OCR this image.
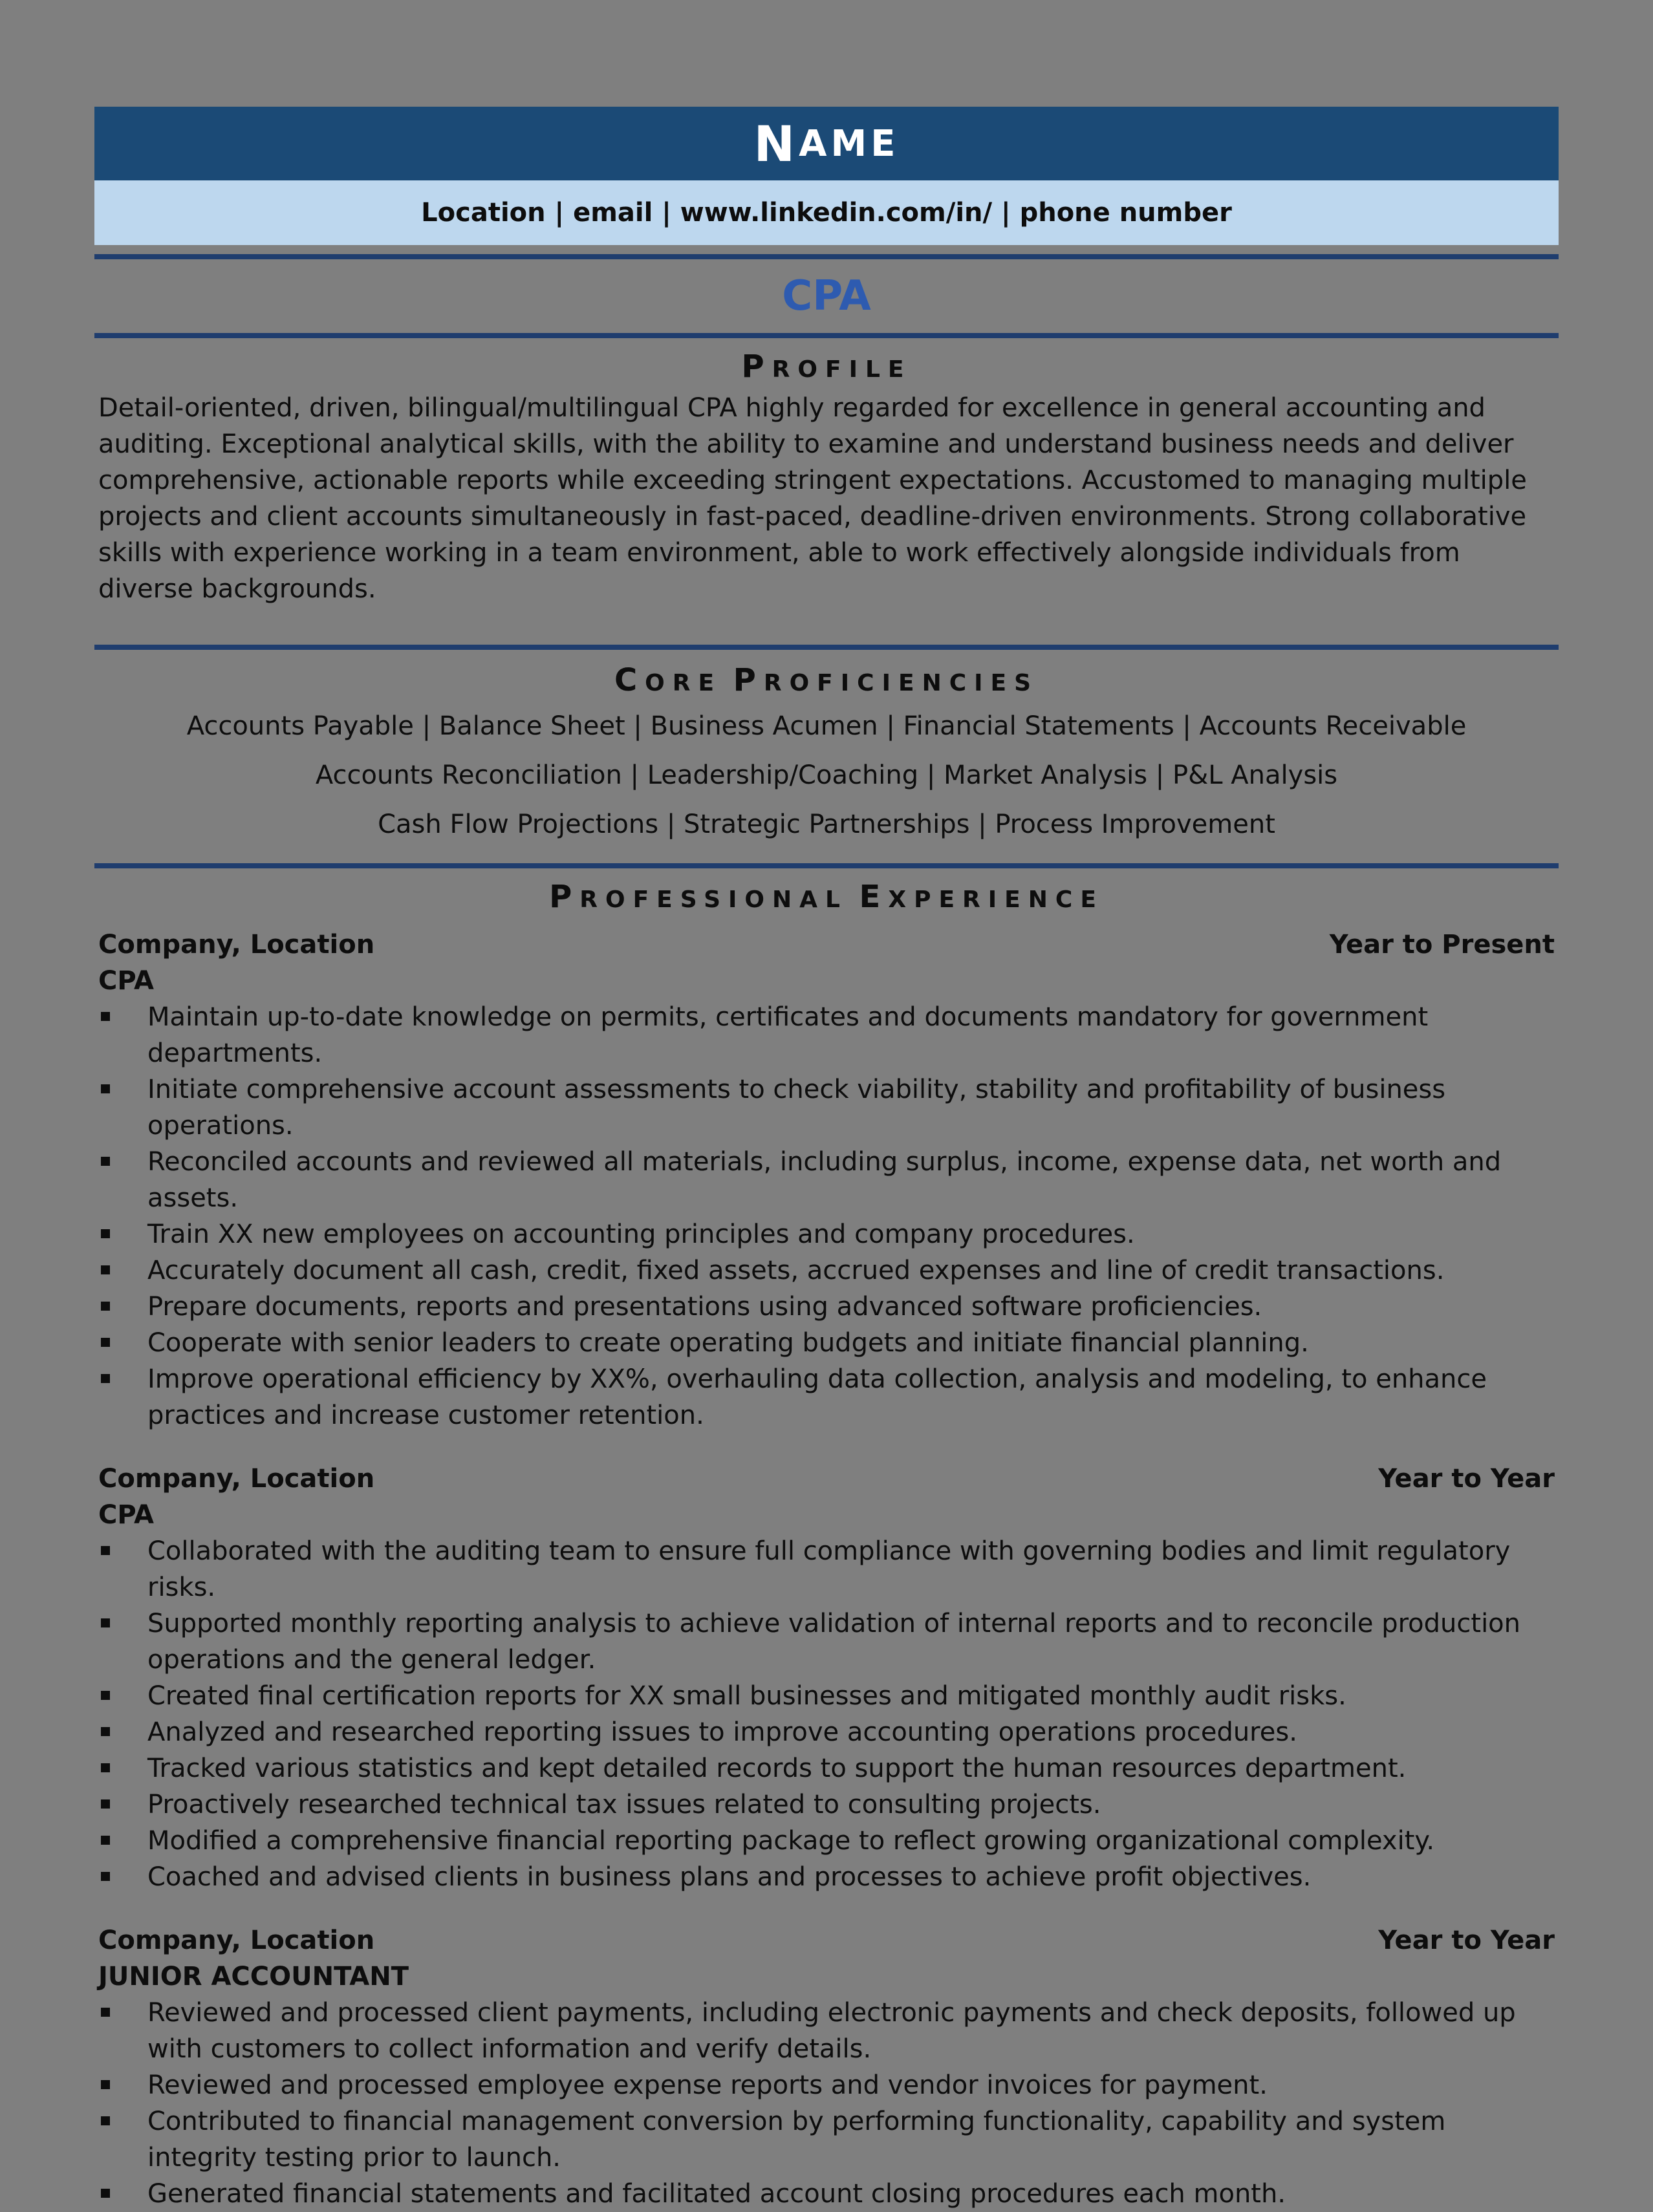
N AME
Location | email | www.linkedin.com/in/ | phone number
CPA
PROFILE
Detail-oriented, driven, bilingual/multilingual CPA highly regarded for excellence in general accounting and auditing. Exceptional analytical skills, with the ability to examine and understand business needs and deliver comprehensive, actionable reports while exceeding stringent expectations. Accustomed to managing multiple projects and client accounts simultaneously in fast-paced, deadline-driven environments. Strong collaborative skills with experience working in a team environment, able to work effectively alongside individuals from diverse backgrounds.
CORE PROFICIENCIES
Accounts Payable | Balance Sheet | Business Acumen | Financial Statements | Accounts Receivable
Accounts Reconciliation | Leadership/Coaching | Market Analysis | P&L Analysis
Cash Flow Projections | Strategic Partnerships | Process Improvement
PROFESSIONAL EXPERIENCE
Company, Location	Year to Present
CPA
Maintain up-to-date knowledge on permits, certificates and documents mandatory for government departments.
Initiate comprehensive account assessments to check viability, stability and profitability of business operations.
Reconciled accounts and reviewed all materials, including surplus, income, expense data, net worth and assets.
Train XX new employees on accounting principles and company procedures.
Accurately document all cash, credit, fixed assets, accrued expenses and line of credit transactions.
Prepare documents, reports and presentations using advanced software proficiencies.
Cooperate with senior leaders to create operating budgets and initiate financial planning.
Improve operational efficiency by XX%, overhauling data collection, analysis and modeling, to enhance practices and increase customer retention.
Company, Location	Year to Year
CPA
Collaborated with the auditing team to ensure full compliance with governing bodies and limit regulatory risks.
Supported monthly reporting analysis to achieve validation of internal reports and to reconcile production operations and the general ledger.
Created final certification reports for XX small businesses and mitigated monthly audit risks.
Analyzed and researched reporting issues to improve accounting operations procedures.
Tracked various statistics and kept detailed records to support the human resources department.
Proactively researched technical tax issues related to consulting projects.
Modified a comprehensive financial reporting package to reflect growing organizational complexity.
Coached and advised clients in business plans and processes to achieve profit objectives.
Company, Location	Year to Year
JUNIOR ACCOUNTANT
Reviewed and processed client payments, including electronic payments and check deposits, followed up with customers to collect information and verify details.
Reviewed and processed employee expense reports and vendor invoices for payment.
Contributed to financial management conversion by performing functionality, capability and system integrity testing prior to launch.
Generated financial statements and facilitated account closing procedures each month.
